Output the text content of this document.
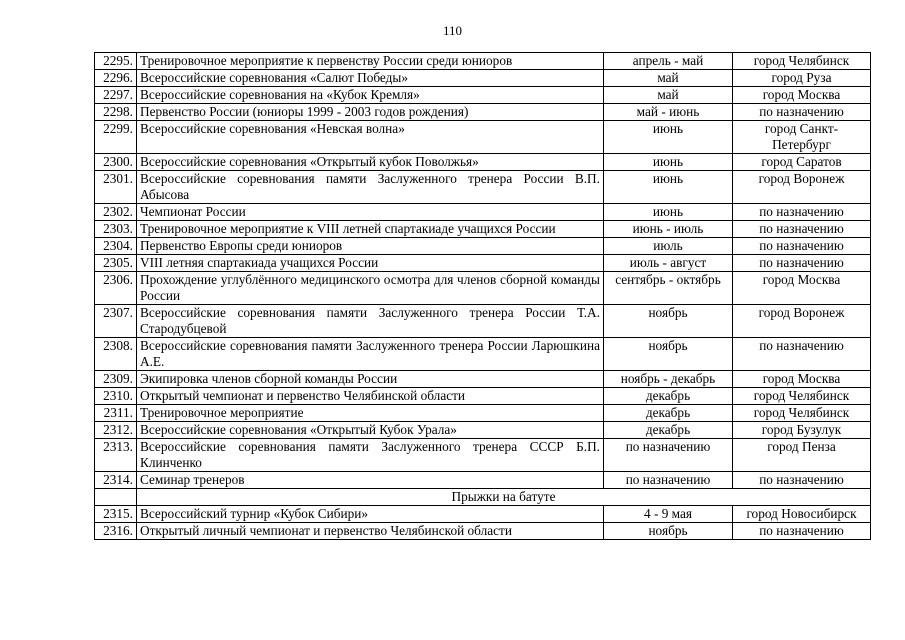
110
2295.	Тренировочное мероприятие к первенству России среди юниоров	апрель - май	город Челябинск
2296.	Всероссийские соревнования «Салют Победы»	май	город Руза
2297.	Всероссийские соревнования на «Кубок Кремля»	май	город Москва
2298.	Первенство России (юниоры 1999 - 2003 годов рождения)	май - июнь	по назначению
2299.	Всероссийские соревнования «Невская волна»	июнь	город Санкт-Петербург
2300.	Всероссийские соревнования «Открытый кубок Поволжья»	июнь	город Саратов
2301.	Всероссийские соревнования памяти Заслуженного тренера России В.П. Абысова	июнь	город Воронеж
2302.	Чемпионат России	июнь	по назначению
2303.	Тренировочное мероприятие к VIII летней спартакиаде учащихся России	июнь - июль	по назначению
2304.	Первенство Европы среди юниоров	июль	по назначению
2305.	VIII летняя спартакиада учащихся России	июль - август	по назначению
2306.	Прохождение углублённого медицинского осмотра для членов сборной команды России	сентябрь - октябрь	город Москва
2307.	Всероссийские соревнования памяти Заслуженного тренера России Т.А. Стародубцевой	ноябрь	город Воронеж
2308.	Всероссийские соревнования памяти Заслуженного тренера России Ларюшкина А.Е.	ноябрь	по назначению
2309.	Экипировка членов сборной команды России	ноябрь - декабрь	город Москва
2310.	Открытый чемпионат и первенство Челябинской области	декабрь	город Челябинск
2311.	Тренировочное мероприятие	декабрь	город Челябинск
2312.	Всероссийские соревнования «Открытый Кубок Урала»	декабрь	город Бузулук
2313.	Всероссийские соревнования памяти Заслуженного тренера СССР Б.П. Клинченко	по назначению	город Пенза
2314.	Семинар тренеров	по назначению	по назначению
	Прыжки на батуте		
2315.	Всероссийский турнир «Кубок Сибири»	4 - 9 мая	город Новосибирск
2316.	Открытый личный чемпионат и первенство Челябинской области	ноябрь	по назначению
